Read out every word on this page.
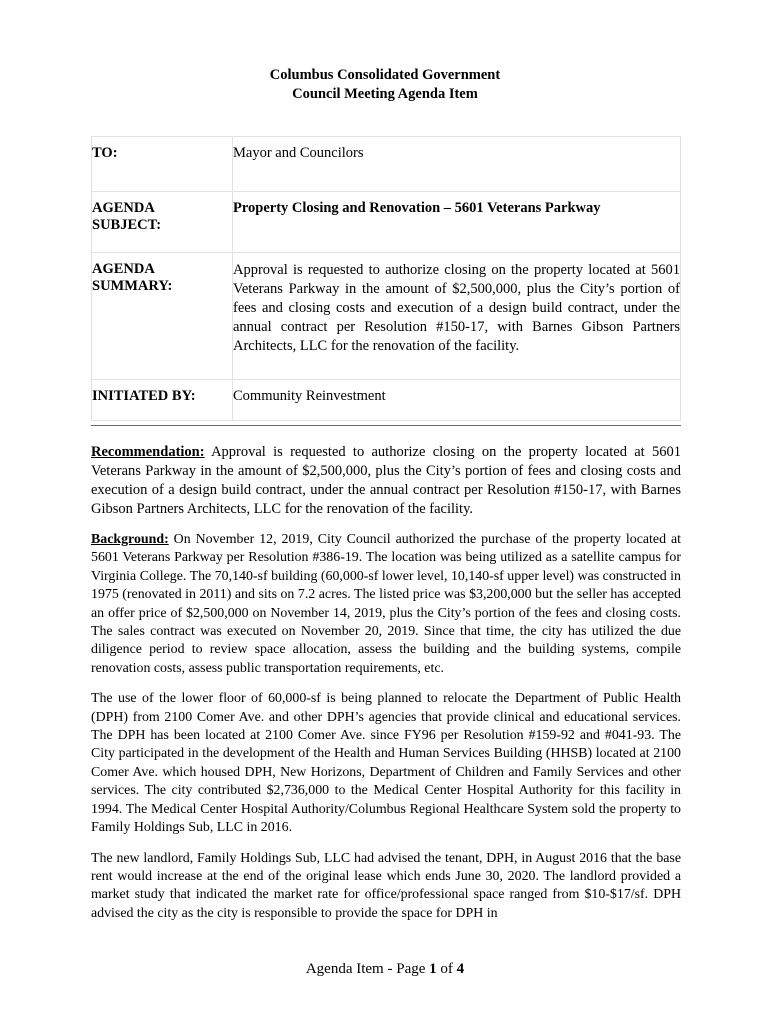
Columbus Consolidated Government
Council Meeting Agenda Item
TO:	Mayor and Councilors

AGENDA
SUBJECT:	Property Closing and Renovation – 5601 Veterans Parkway

AGENDA
SUMMARY:	Approval is requested to authorize closing on the property located at 5601 Veterans Parkway in the amount of $2,500,000, plus the City’s portion of fees and closing costs and execution of a design build contract, under the annual contract per Resolution #150-17, with Barnes Gibson Partners Architects, LLC for the renovation of the facility.
INITIATED BY:	Community Reinvestment

Recommendation: Approval is requested to authorize closing on the property located at 5601 Veterans Parkway in the amount of $2,500,000, plus the City’s portion of fees and closing costs and execution of a design build contract, under the annual contract per Resolution #150-17, with Barnes Gibson Partners Architects, LLC for the renovation of the facility.

Background: On November 12, 2019, City Council authorized the purchase of the property located at 5601 Veterans Parkway per Resolution #386-19. The location was being utilized as a satellite campus for Virginia College. The 70,140-sf building (60,000-sf lower level, 10,140-sf upper level) was constructed in 1975 (renovated in 2011) and sits on 7.2 acres. The listed price was $3,200,000 but the seller has accepted an offer price of $2,500,000 on November 14, 2019, plus the City’s portion of the fees and closing costs. The sales contract was executed on November 20, 2019. Since that time, the city has utilized the due diligence period to review space allocation, assess the building and the building systems, compile renovation costs, assess public transportation requirements, etc.

The use of the lower floor of 60,000-sf is being planned to relocate the Department of Public Health (DPH) from 2100 Comer Ave. and other DPH’s agencies that provide clinical and educational services. The DPH has been located at 2100 Comer Ave. since FY96 per Resolution #159-92 and #041-93. The City participated in the development of the Health and Human Services Building (HHSB) located at 2100 Comer Ave. which housed DPH, New Horizons, Department of Children and Family Services and other services. The city contributed $2,736,000 to the Medical Center Hospital Authority for this facility in 1994. The Medical Center Hospital Authority/Columbus Regional Healthcare System sold the property to Family Holdings Sub, LLC in 2016.

The new landlord, Family Holdings Sub, LLC had advised the tenant, DPH, in August 2016 that the base rent would increase at the end of the original lease which ends June 30, 2020. The landlord provided a market study that indicated the market rate for office/professional space ranged from $10-$17/sf. DPH advised the city as the city is responsible to provide the space for DPH in

Agenda Item - Page 1 of 4
